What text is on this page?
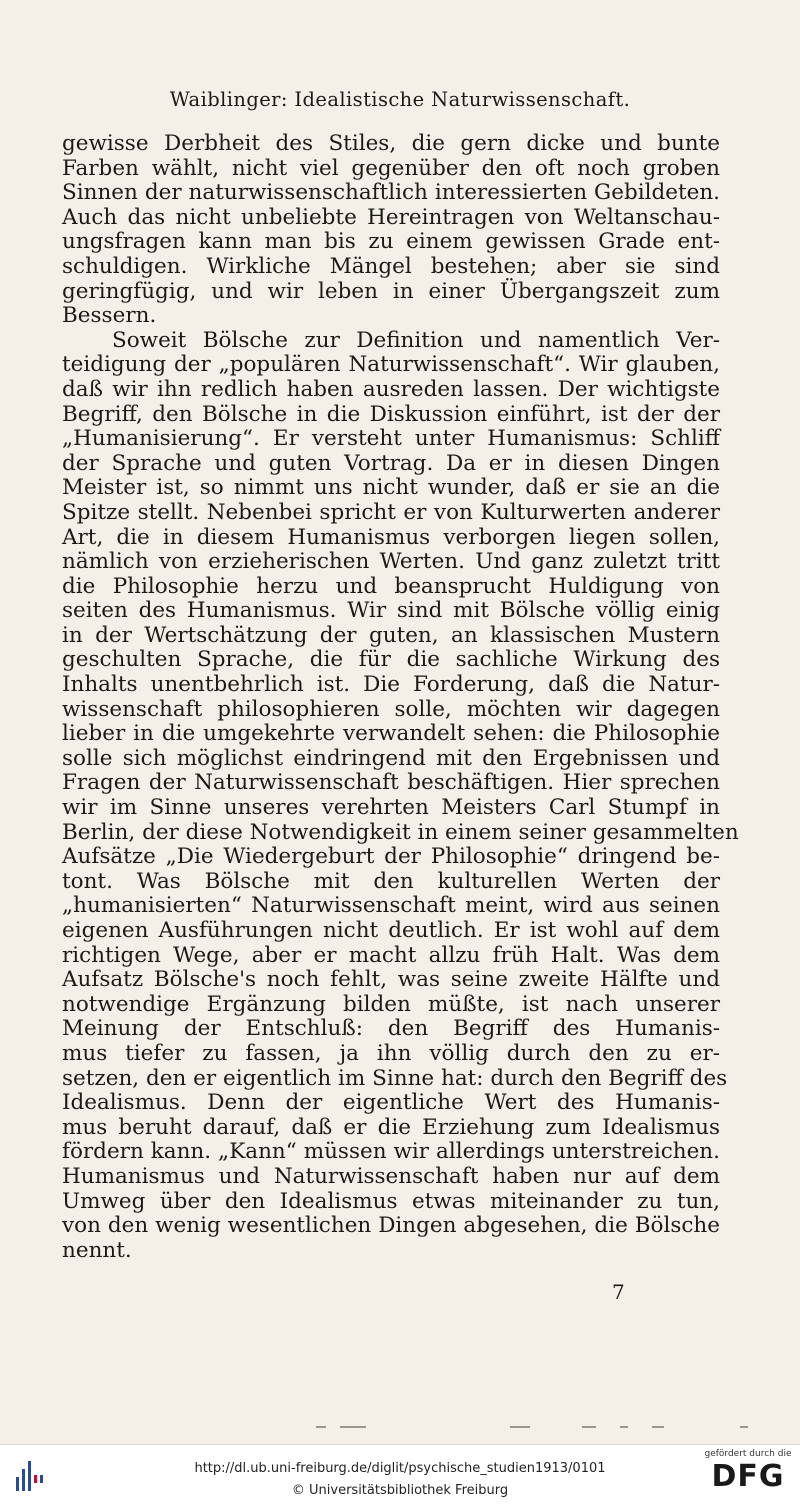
Waiblinger: Idealistische Naturwissenschaft.
gewisse Derbheit des Stiles, die gern dicke und bunte
Farben wählt, nicht viel gegenüber den oft noch groben
Sinnen der naturwissenschaftlich interessierten Gebildeten.
Auch das nicht unbeliebte Hereintragen von Weltanschau-
ungsfragen kann man bis zu einem gewissen Grade ent-
schuldigen. Wirkliche Mängel bestehen; aber sie sind
geringfügig, und wir leben in einer Übergangszeit zum
Bessern.
Soweit Bölsche zur Definition und namentlich Ver-
teidigung der „populären Naturwissenschaft“. Wir glauben,
daß wir ihn redlich haben ausreden lassen. Der wichtigste
Begriff, den Bölsche in die Diskussion einführt, ist der der
„Humanisierung“. Er versteht unter Humanismus: Schliff
der Sprache und guten Vortrag. Da er in diesen Dingen
Meister ist, so nimmt uns nicht wunder, daß er sie an die
Spitze stellt. Nebenbei spricht er von Kulturwerten anderer
Art, die in diesem Humanismus verborgen liegen sollen,
nämlich von erzieherischen Werten. Und ganz zuletzt tritt
die Philosophie herzu und beansprucht Huldigung von
seiten des Humanismus. Wir sind mit Bölsche völlig einig
in der Wertschätzung der guten, an klassischen Mustern
geschulten Sprache, die für die sachliche Wirkung des
Inhalts unentbehrlich ist. Die Forderung, daß die Natur-
wissenschaft philosophieren solle, möchten wir dagegen
lieber in die umgekehrte verwandelt sehen: die Philosophie
solle sich möglichst eindringend mit den Ergebnissen und
Fragen der Naturwissenschaft beschäftigen. Hier sprechen
wir im Sinne unseres verehrten Meisters Carl Stumpf in
Berlin, der diese Notwendigkeit in einem seiner gesammelten
Aufsätze „Die Wiedergeburt der Philosophie“ dringend be-
tont. Was Bölsche mit den kulturellen Werten der
„humanisierten“ Naturwissenschaft meint, wird aus seinen
eigenen Ausführungen nicht deutlich. Er ist wohl auf dem
richtigen Wege, aber er macht allzu früh Halt. Was dem
Aufsatz Bölsche's noch fehlt, was seine zweite Hälfte und
notwendige Ergänzung bilden müßte, ist nach unserer
Meinung der Entschluß: den Begriff des Humanis-
mus tiefer zu fassen, ja ihn völlig durch den zu er-
setzen, den er eigentlich im Sinne hat: durch den Begriff des
Idealismus. Denn der eigentliche Wert des Humanis-
mus beruht darauf, daß er die Erziehung zum Idealismus
fördern kann. „Kann“ müssen wir allerdings unterstreichen.
Humanismus und Naturwissenschaft haben nur auf dem
Umweg über den Idealismus etwas miteinander zu tun,
von den wenig wesentlichen Dingen abgesehen, die Bölsche
nennt.
7
http://dl.ub.uni-freiburg.de/diglit/psychische_studien1913/0101
© Universitätsbibliothek Freiburg
gefördert durch die
DFG
